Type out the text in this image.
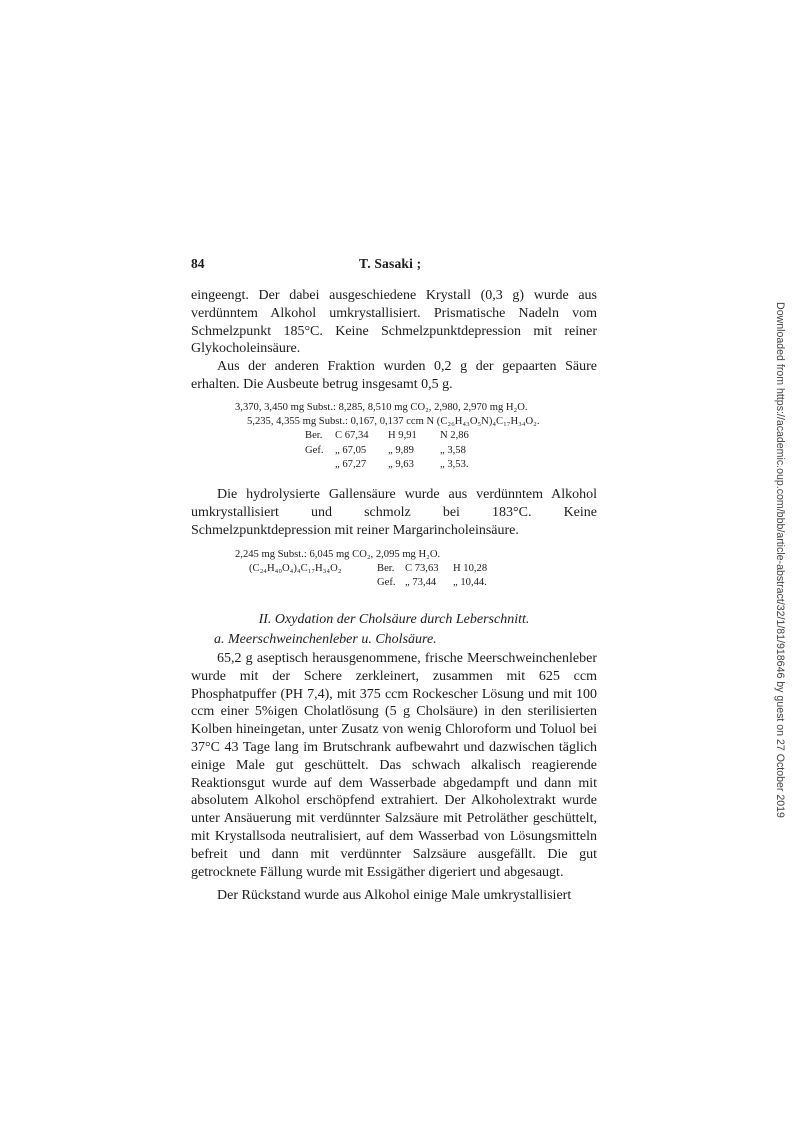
84	T. Sasaki ;

eingeengt. Der dabei ausgeschiedene Krystall (0,3 g) wurde aus verdünntem Alkohol umkrystallisiert. Prismatische Nadeln vom Schmelzpunkt 185°C. Keine Schmelzpunktdepression mit reiner Glykocholeinsäure.

Aus der anderen Fraktion wurden 0,2 g der gepaarten Säure erhalten. Die Ausbeute betrug insgesamt 0,5 g.

3,370, 3,450 mg Subst.: 8,285, 8,510 mg CO₂, 2,980, 2,970 mg H₂O.
5,235, 4,355 mg Subst.: 0,167, 0,137 ccm N (C₂₆H₄₃O₅N)₄C₁₇H₃₄O₂.
Ber. C 67,34 H 9,91 N 2,86
Gef. „ 67,05 „ 9,89 „ 3,58
„ 67,27 „ 9,63 „ 3,53.

Die hydrolysierte Gallensäure wurde aus verdünntem Alkohol umkrystallisiert und schmolz bei 183°C. Keine Schmelzpunktdepression mit reiner Margarincholeinsäure.

2,245 mg Subst.: 6,045 mg CO₂, 2,095 mg H₂O.
(C₂₄H₄₀O₄)₄C₁₇H₃₄O₂	Ber. C 73,63 H 10,28
Gef. „ 73,44 „ 10,44.
II. Oxydation der Cholsäure durch Leberschnitt.
a. Meerschweinchenleber u. Cholsäure.

65,2 g aseptisch herausgenommene, frische Meerschweinchenleber wurde mit der Schere zerkleinert, zusammen mit 625 ccm Phosphatpuffer (PH 7,4), mit 375 ccm Rockescher Lösung und mit 100 ccm einer 5%igen Cholatlösung (5 g Cholsäure) in den sterilisierten Kolben hineingetan, unter Zusatz von wenig Chloroform und Toluol bei 37°C 43 Tage lang im Brutschrank aufbewahrt und dazwischen täglich einige Male gut geschüttelt. Das schwach alkalisch reagierende Reaktionsgut wurde auf dem Wasserbade abgedampft und dann mit absolutem Alkohol erschöpfend extrahiert. Der Alkoholextrakt wurde unter Ansäuerung mit verdünnter Salzsäure mit Petroläther geschüttelt, mit Krystallsoda neutralisiert, auf dem Wasserbad von Lösungsmitteln befreit und dann mit verdünnter Salzsäure ausgefällt. Die gut getrocknete Fällung wurde mit Essigäther digeriert und abgesaugt.

Der Rückstand wurde aus Alkohol einige Male umkrystallisiert

Downloaded from https://academic.oup.com/bbb/article-abstract/32/1/81/918646 by guest on 27 October 2019
